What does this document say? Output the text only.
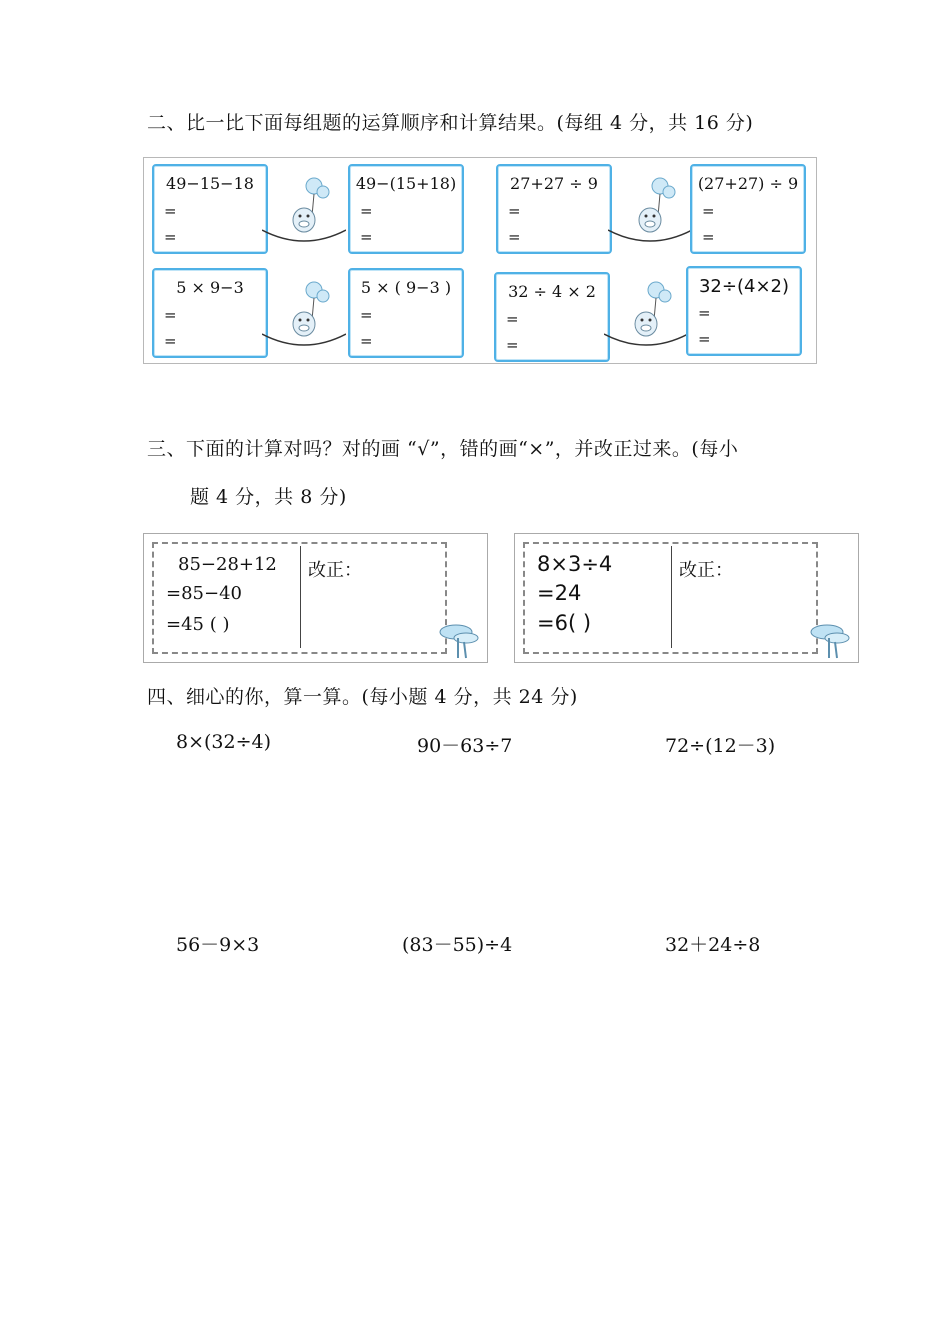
二、比一比下面每组题的运算顺序和计算结果。(每组 4 分，共 16 分)
49−15−18
=
=
49−(15+18)
=
=
27+27 ÷ 9
=
=
(27+27) ÷ 9
=
=
5 × 9−3
=
=
5 × ( 9−3 )
=
=
32 ÷ 4 × 2
=
=
32÷(4×2)
=
=
三、下面的计算对吗？对的画 “√”，错的画“×”，并改正过来。(每小
题 4 分，共 8 分)
85−28+12
=85−40
=45 ( )
改正：	8×3÷4
=24
=6( )
改正：
四、细心的你，算一算。(每小题 4 分，共 24 分)
8×(32÷4)	90－63÷7	72÷(12－3)
56－9×3	(83－55)÷4	32＋24÷8
